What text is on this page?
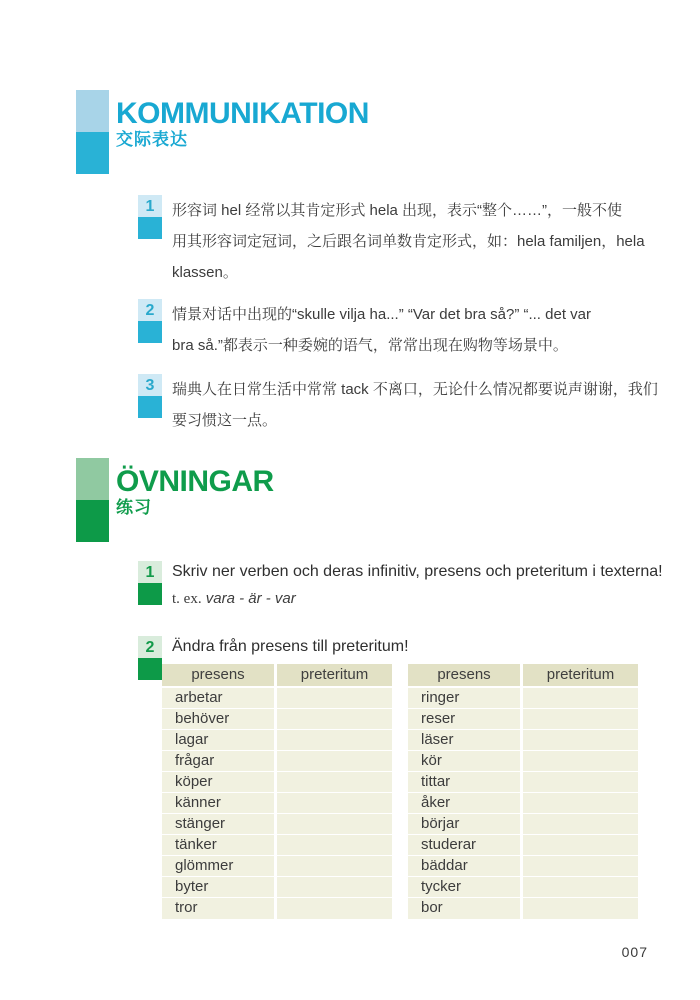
KOMMUNIKATION
交际表达
1	形容词 hel 经常以其肯定形式 hela 出现，表示“整个……”，一般不使
用其形容词定冠词，之后跟名词单数肯定形式，如：hela familjen，hela
klassen。
2	情景对话中出现的“skulle vilja ha...” “Var det bra så?” “... det var
bra så.”都表示一种委婉的语气，常常出现在购物等场景中。
3	瑞典人在日常生活中常常 tack 不离口，无论什么情况都要说声谢谢，我们
要习惯这一点。
ÖVNINGAR
练习
1	Skriv ner verben och deras infinitiv, presens och preteritum i texterna!
t. ex. vara - är - var
2	Ändra från presens till preteritum!
presens	preteritum
arbetar
behöver
lagar
frågar
köper
känner
stänger
tänker
glömmer
byter
tror
presens	preteritum
ringer
reser
läser
kör
tittar
åker
börjar
studerar
bäddar
tycker
bor
007
